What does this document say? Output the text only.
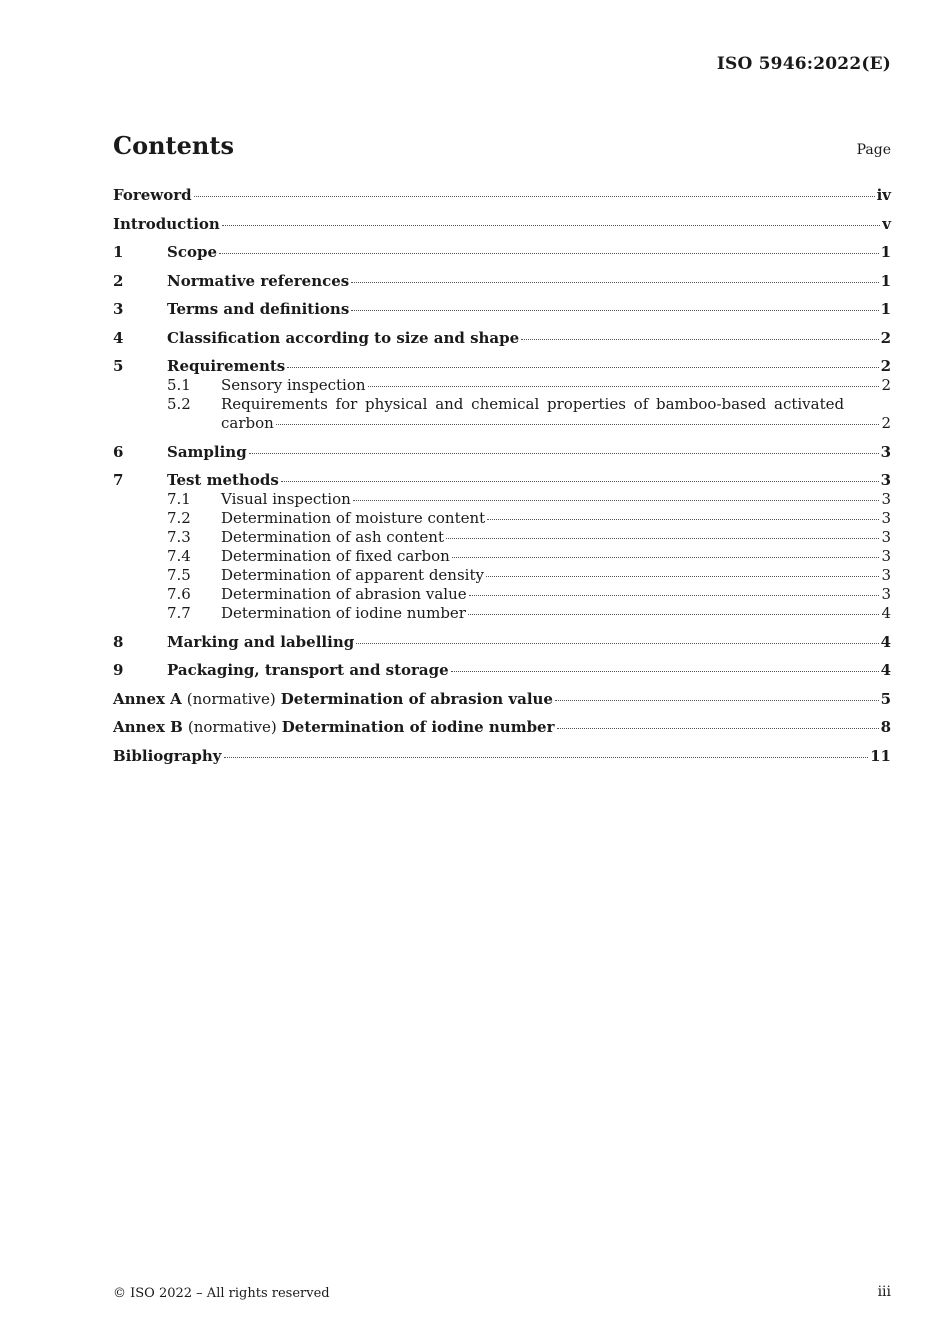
ISO 5946:2022(E)
Contents	Page
Foreword	iv
Introduction	v
1	Scope	1
2	Normative references	1
3	Terms and definitions	1
4	Classification according to size and shape	2
5	Requirements	2
5.1	Sensory inspection	2
5.2	Requirements for physical and chemical properties of bamboo-based activated
carbon	2
6	Sampling	3
7	Test methods	3
7.1	Visual inspection	3
7.2	Determination of moisture content	3
7.3	Determination of ash content	3
7.4	Determination of fixed carbon	3
7.5	Determination of apparent density	3
7.6	Determination of abrasion value	3
7.7	Determination of iodine number	4
8	Marking and labelling	4
9	Packaging, transport and storage	4
Annex A (normative) Determination of abrasion value	5
Annex B (normative) Determination of iodine number	8
Bibliography	11
© ISO 2022 – All rights reserved	iii
